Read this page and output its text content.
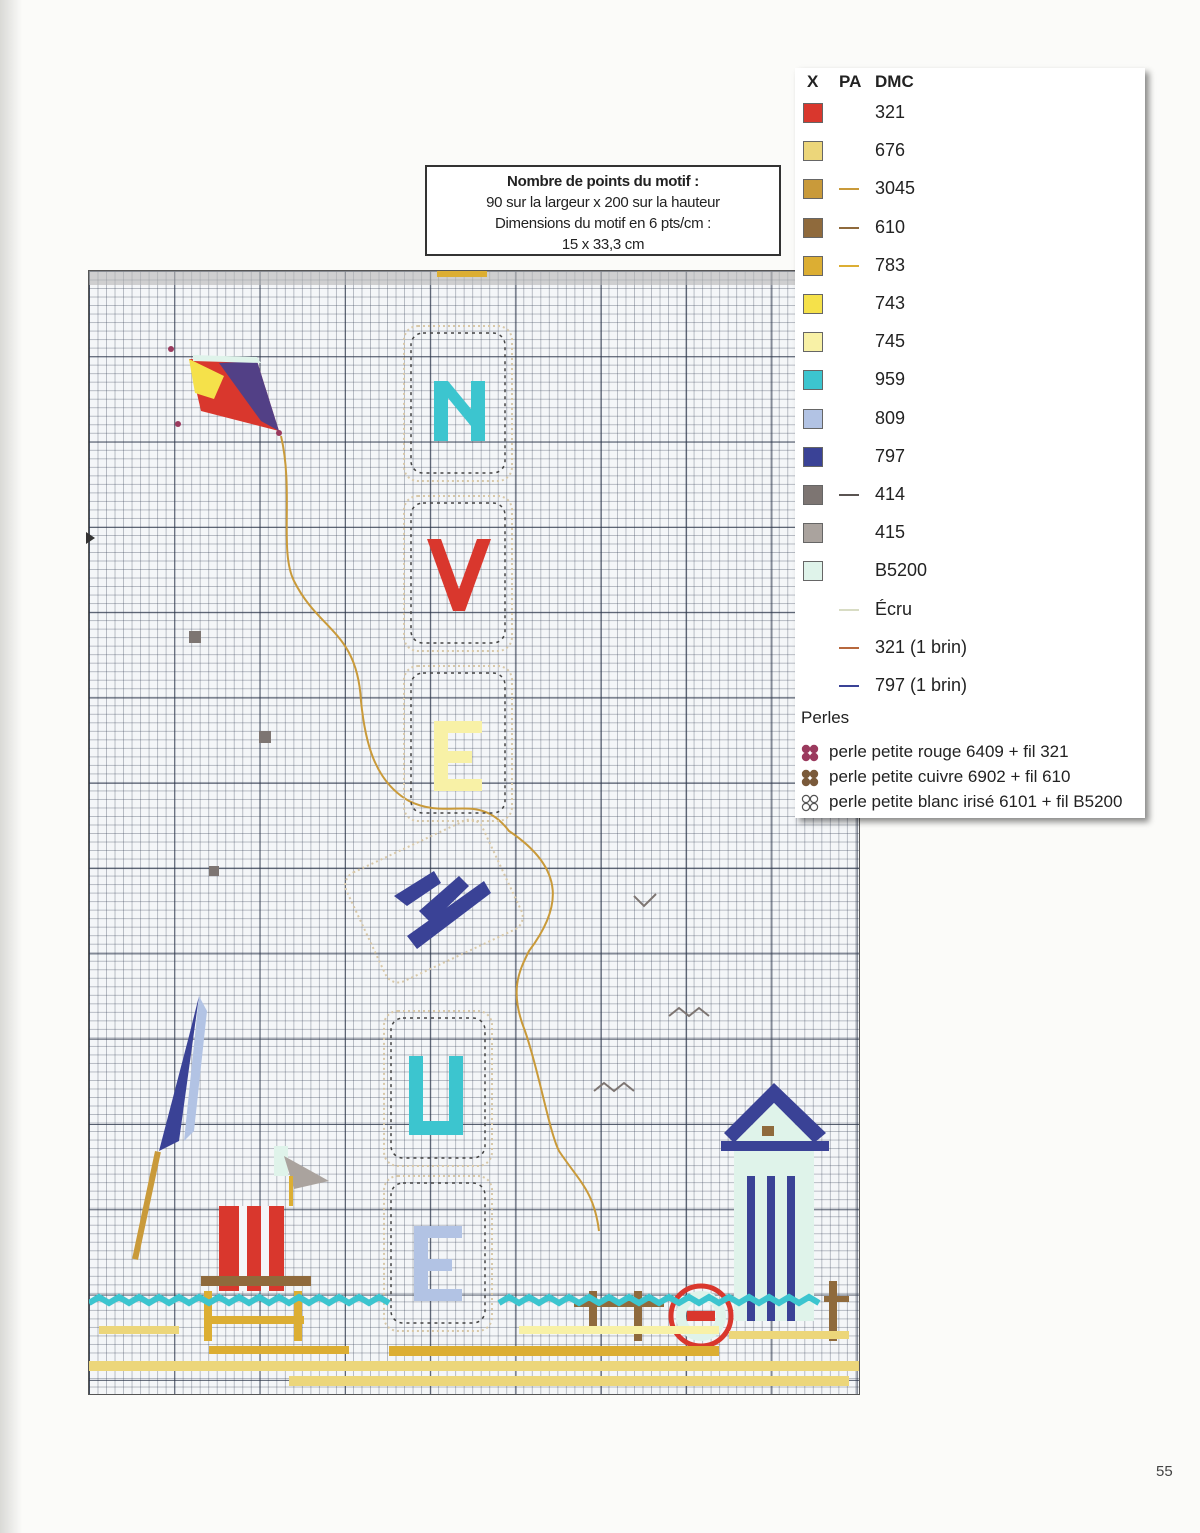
Nombre de points du motif :
90 sur la largeur x 200 sur la hauteur
Dimensions du motif en 6 pts/cm :
15 x 33,3 cm
X PA DMC
321
676
3045
610
783
743
745
959
809
797
414
415
B5200
Écru
321 (1 brin)
797 (1 brin)
Perles
perle petite rouge 6409 + fil 321
perle petite cuivre 6902 + fil 610
perle petite blanc irisé 6101 + fil B5200
55
